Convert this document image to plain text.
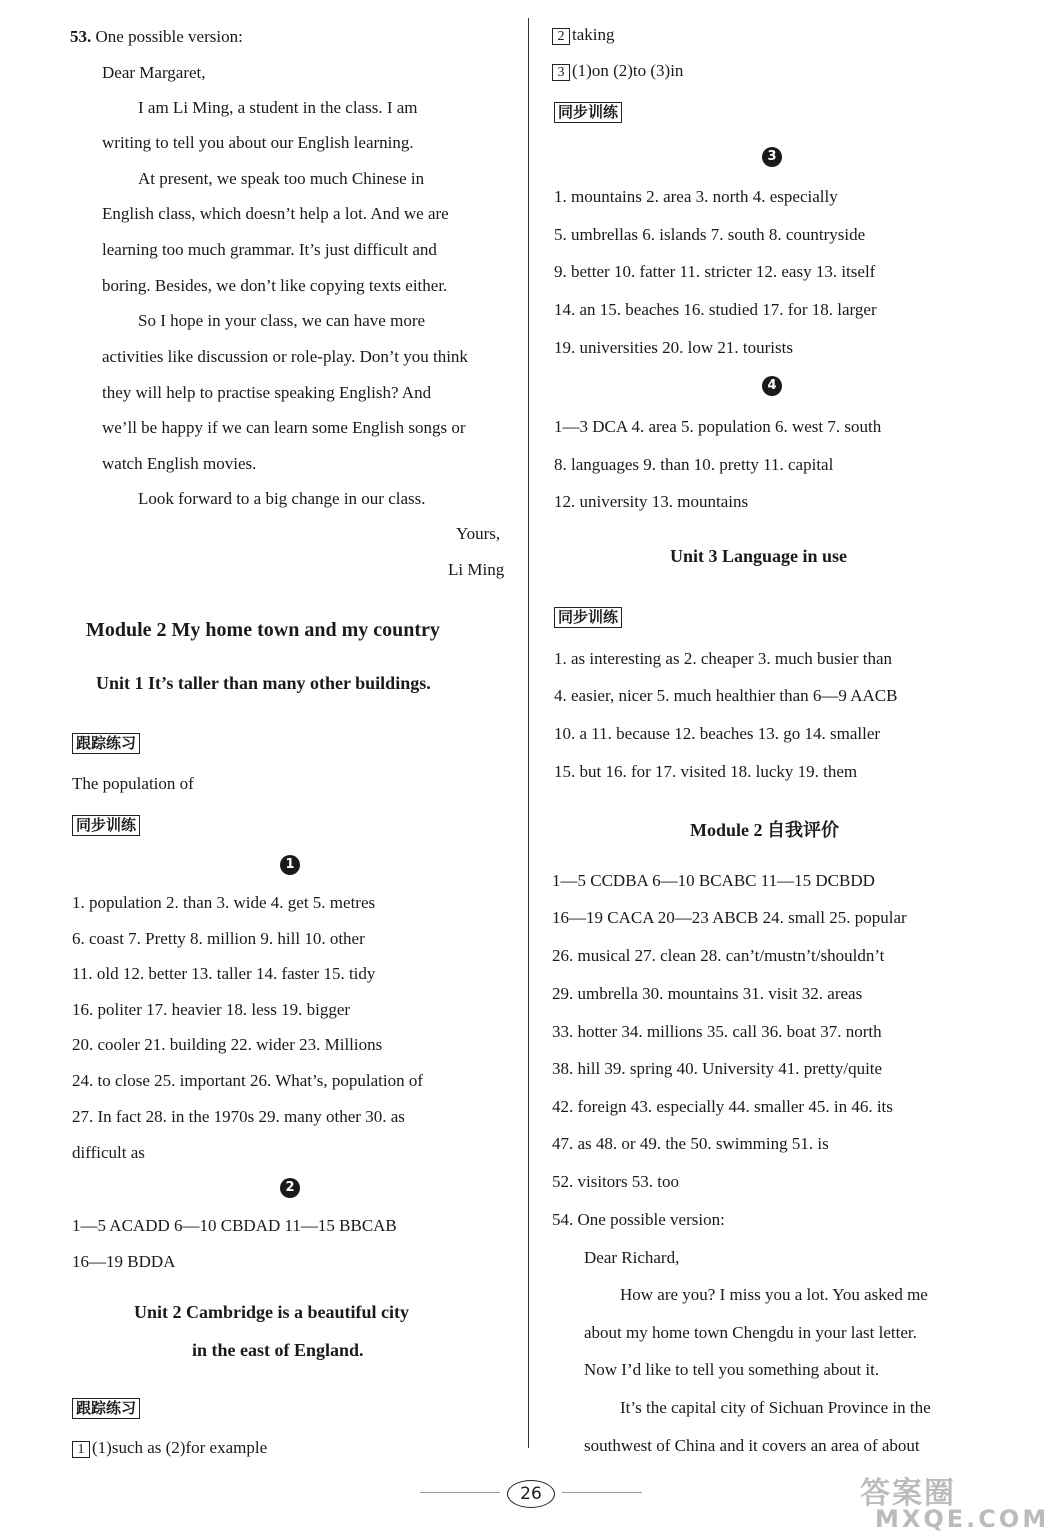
53. One possible version:
Dear Margaret,
I am Li Ming, a student in the class. I am
writing to tell you about our English learning.
At present, we speak too much Chinese in
English class, which doesn’t help a lot. And we are
learning too much grammar. It’s just difficult and
boring. Besides, we don’t like copying texts either.
So I hope in your class, we can have more
activities like discussion or role-play. Don’t you think
they will help to practise speaking English? And
we’ll be happy if we can learn some English songs or
watch English movies.
Look forward to a big change in our class.
Yours,
Li Ming
Module 2 My home town and my country
Unit 1 It’s taller than many other buildings.
跟踪练习
The population of
同步训练
1
1. population 2. than 3. wide 4. get 5. metres
6. coast 7. Pretty 8. million 9. hill 10. other
11. old 12. better 13. taller 14. faster 15. tidy
16. politer 17. heavier 18. less 19. bigger
20. cooler 21. building 22. wider 23. Millions
24. to close 25. important 26. What’s, population of
27. In fact 28. in the 1970s 29. many other 30. as
difficult as
2
1—5 ACADD 6—10 CBDAD 11—15 BBCAB
16—19 BDDA
Unit 2 Cambridge is a beautiful city
in the east of England.
跟踪练习
1 (1)such as (2)for example
2 taking
3 (1)on (2)to (3)in
同步训练
3
1. mountains 2. area 3. north 4. especially
5. umbrellas 6. islands 7. south 8. countryside
9. better 10. fatter 11. stricter 12. easy 13. itself
14. an 15. beaches 16. studied 17. for 18. larger
19. universities 20. low 21. tourists
4
1—3 DCA 4. area 5. population 6. west 7. south
8. languages 9. than 10. pretty 11. capital
12. university 13. mountains
Unit 3 Language in use
同步训练
1. as interesting as 2. cheaper 3. much busier than
4. easier, nicer 5. much healthier than 6—9 AACB
10. a 11. because 12. beaches 13. go 14. smaller
15. but 16. for 17. visited 18. lucky 19. them
Module 2 自我评价
1—5 CCDBA 6—10 BCABC 11—15 DCBDD
16—19 CACA 20—23 ABCB 24. small 25. popular
26. musical 27. clean 28. can’t/mustn’t/shouldn’t
29. umbrella 30. mountains 31. visit 32. areas
33. hotter 34. millions 35. call 36. boat 37. north
38. hill 39. spring 40. University 41. pretty/quite
42. foreign 43. especially 44. smaller 45. in 46. its
47. as 48. or 49. the 50. swimming 51. is
52. visitors 53. too
54. One possible version:
Dear Richard,
How are you? I miss you a lot. You asked me
about my home town Chengdu in your last letter.
Now I’d like to tell you something about it.
It’s the capital city of Sichuan Province in the
southwest of China and it covers an area of about
26	答案圈
MXQE.COM
